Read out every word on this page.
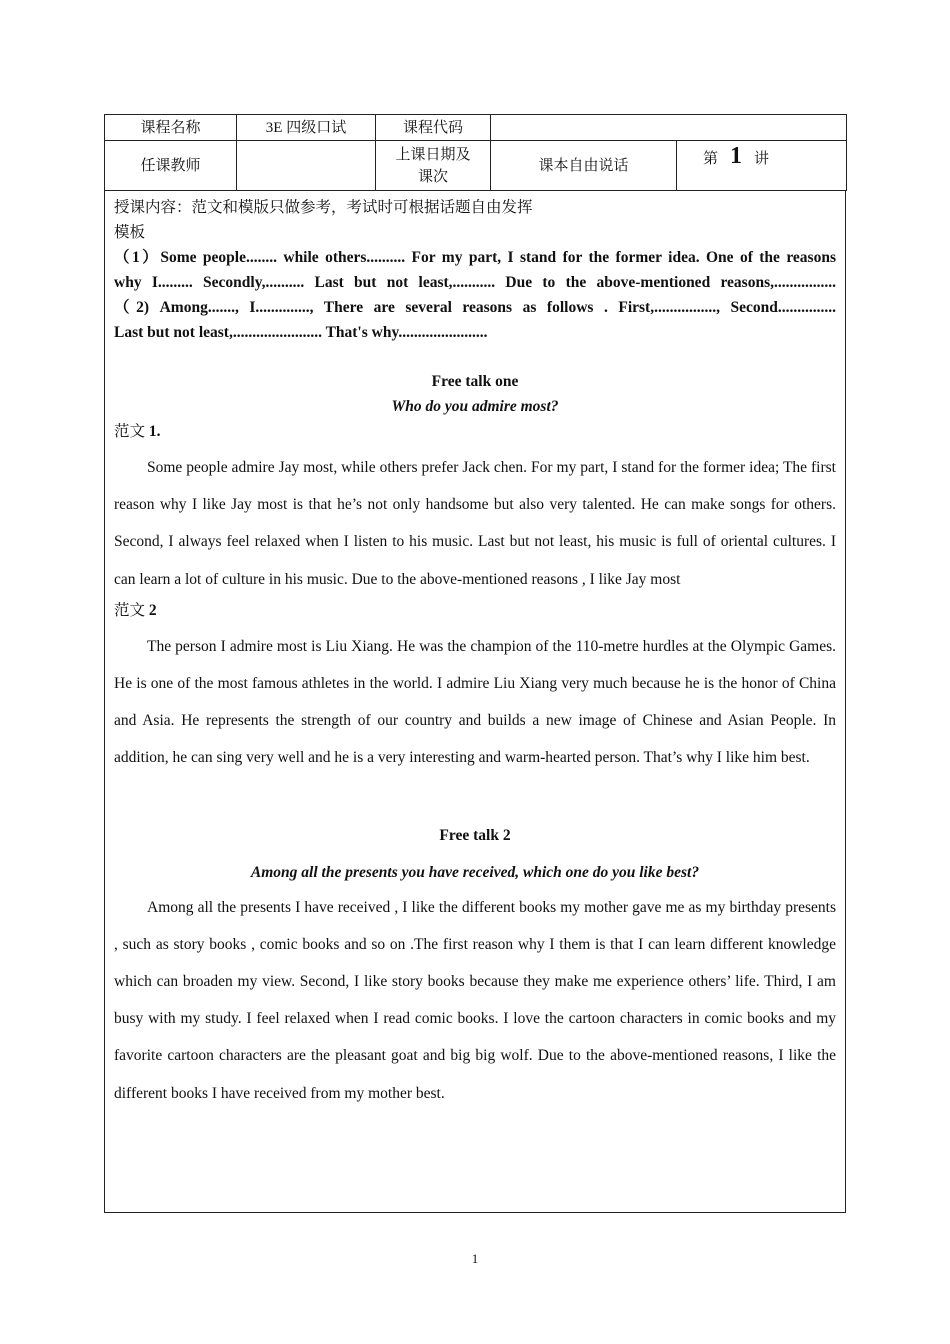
课程名称	3E 四级口试	课程代码		
任课教师		上课日期及课次	课本自由说话	第 1 讲

授课内容：范文和模版只做参考，考试时可根据话题自由发挥

模板

（1）Some people........ while others.......... For my part, I stand for the former idea. One of the reasons

why I......... Secondly,.......... Last but not least,........... Due to the above-mentioned reasons,................

（2) Among......., I.............., There are several reasons as follows . First,................, Second...............

Last but not least,....................... That's why.......................

Free talk one

Who do you admire most?

范文 1.

Some people admire Jay most, while others prefer Jack chen. For my part, I stand for the former idea; The first reason why I like Jay most is that he’s not only handsome but also very talented. He can make songs for others. Second, I always feel relaxed when I listen to his music. Last but not least, his music is full of oriental cultures. I can learn a lot of culture in his music. Due to the above-mentioned reasons , I like Jay most

范文 2

The person I admire most is Liu Xiang. He was the champion of the 110-metre hurdles at the Olympic Games. He is one of the most famous athletes in the world. I admire Liu Xiang very much because he is the honor of China and Asia. He represents the strength of our country and builds a new image of Chinese and Asian People. In addition, he can sing very well and he is a very interesting and warm-hearted person. That’s why I like him best.

Free talk 2

Among all the presents you have received, which one do you like best?

Among all the presents I have received , I like the different books my mother gave me as my birthday presents , such as story books , comic books and so on .The first reason why I them is that I can learn different knowledge which can broaden my view. Second, I like story books because they make me experience others’ life. Third, I am busy with my study. I feel relaxed when I read comic books. I love the cartoon characters in comic books and my favorite cartoon characters are the pleasant goat and big big wolf. Due to the above-mentioned reasons, I like the different books I have received from my mother best.

1
